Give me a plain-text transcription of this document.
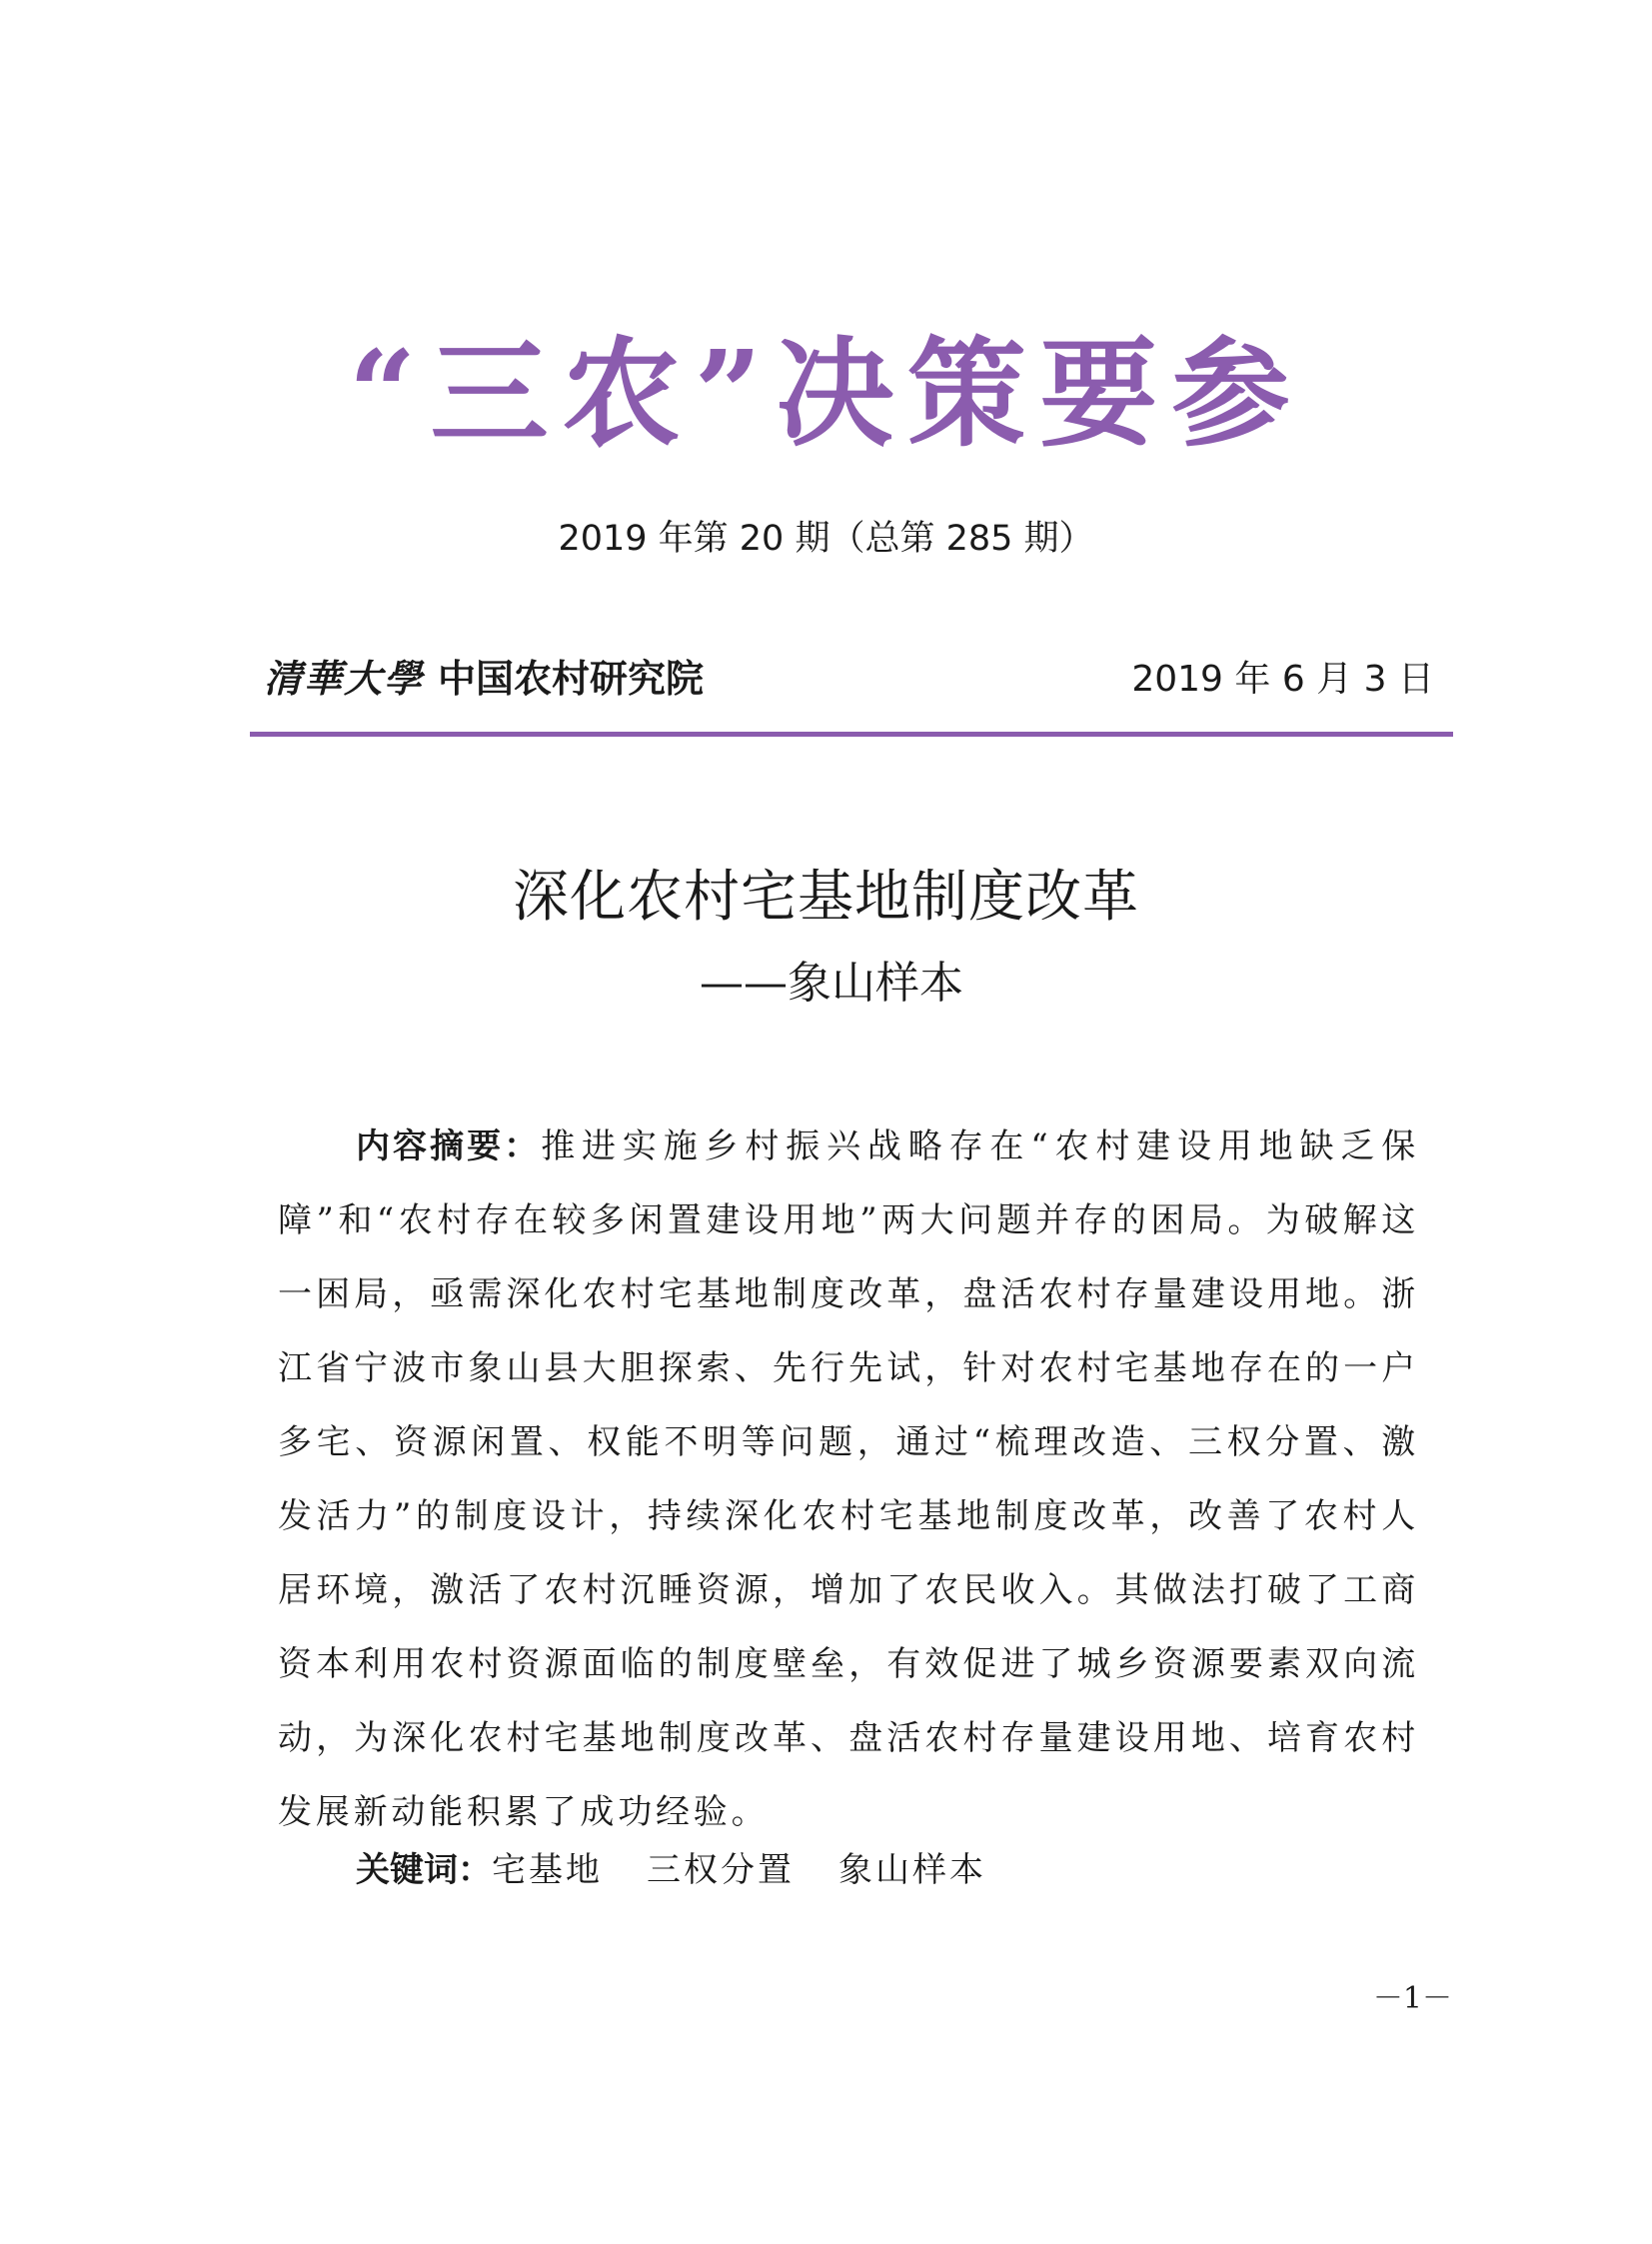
“三农”决策要参
2019 年第 20 期（总第 285 期）
清華大學 中国农村研究院	2019 年 6 月 3 日
深化农村宅基地制度改革
——象山样本

内容摘要：推进实施乡村振兴战略存在“农村建设用地缺乏保障”和“农村存在较多闲置建设用地”两大问题并存的困局。为破解这一困局，亟需深化农村宅基地制度改革，盘活农村存量建设用地。浙江省宁波市象山县大胆探索、先行先试，针对农村宅基地存在的一户多宅、资源闲置、权能不明等问题，通过“梳理改造、三权分置、激发活力”的制度设计，持续深化农村宅基地制度改革，改善了农村人居环境，激活了农村沉睡资源，增加了农民收入。其做法打破了工商资本利用农村资源面临的制度壁垒，有效促进了城乡资源要素双向流动，为深化农村宅基地制度改革、盘活农村存量建设用地、培育农村发展新动能积累了成功经验。

关键词：宅基地 三权分置 象山样本
－1－
